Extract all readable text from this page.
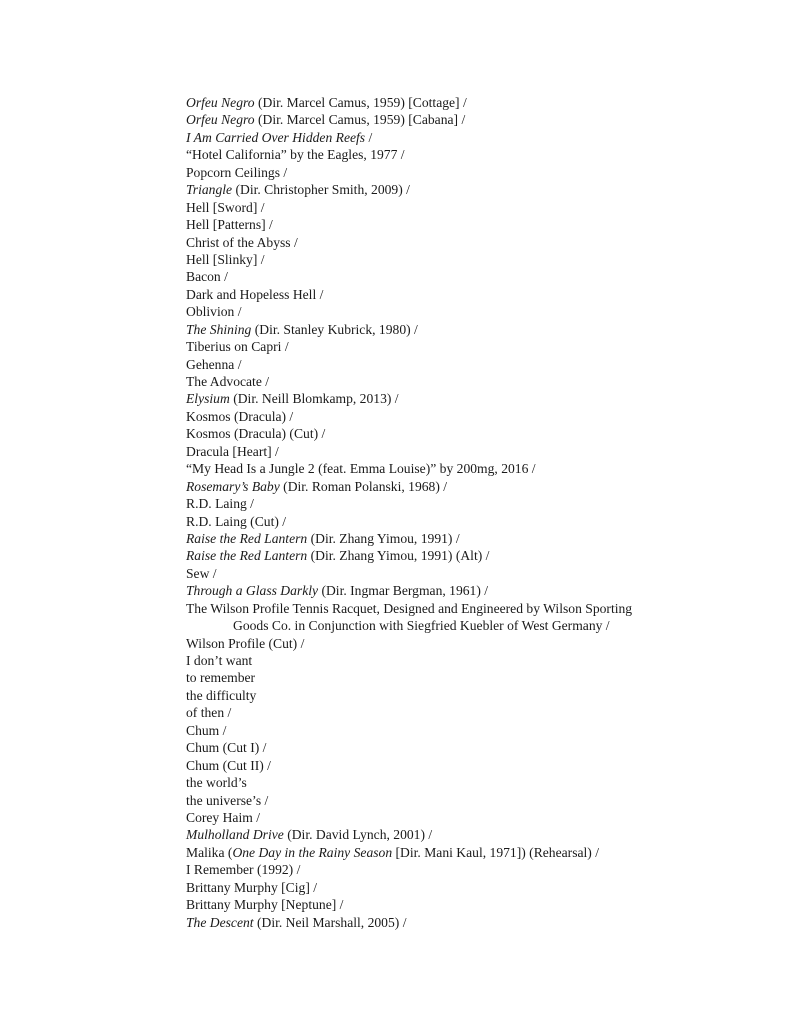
Orfeu Negro (Dir. Marcel Camus, 1959) [Cottage] /
Orfeu Negro (Dir. Marcel Camus, 1959) [Cabana] /
I Am Carried Over Hidden Reefs /
“Hotel California” by the Eagles, 1977 /
Popcorn Ceilings /
Triangle (Dir. Christopher Smith, 2009) /
Hell [Sword] /
Hell [Patterns] /
Christ of the Abyss /
Hell [Slinky] /
Bacon /
Dark and Hopeless Hell /
Oblivion /
The Shining (Dir. Stanley Kubrick, 1980) /
Tiberius on Capri /
Gehenna /
The Advocate /
Elysium (Dir. Neill Blomkamp, 2013) /
Kosmos (Dracula) /
Kosmos (Dracula) (Cut) /
Dracula [Heart] /
“My Head Is a Jungle 2 (feat. Emma Louise)” by 200mg, 2016 /
Rosemary’s Baby (Dir. Roman Polanski, 1968) /
R.D. Laing /
R.D. Laing (Cut) /
Raise the Red Lantern (Dir. Zhang Yimou, 1991) /
Raise the Red Lantern (Dir. Zhang Yimou, 1991) (Alt) /
Sew /
Through a Glass Darkly (Dir. Ingmar Bergman, 1961) /
The Wilson Profile Tennis Racquet, Designed and Engineered by Wilson Sporting
Goods Co. in Conjunction with Siegfried Kuebler of West Germany /
Wilson Profile (Cut) /
I don’t want
to remember
the difficulty
of then /
Chum /
Chum (Cut I) /
Chum (Cut II) /
the world’s
the universe’s /
Corey Haim /
Mulholland Drive (Dir. David Lynch, 2001) /
Malika (One Day in the Rainy Season [Dir. Mani Kaul, 1971]) (Rehearsal) /
I Remember (1992) /
Brittany Murphy [Cig] /
Brittany Murphy [Neptune] /
The Descent (Dir. Neil Marshall, 2005) /
